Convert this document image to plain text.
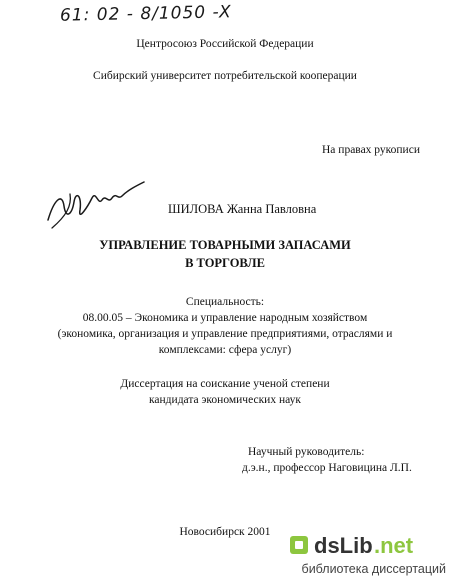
61: 02 - 8/1050 -X
Центросоюз Российской Федерации
Сибирский университет потребительской кооперации
На правах рукописи
ШИЛОВА Жанна Павловна
УПРАВЛЕНИЕ ТОВАРНЫМИ ЗАПАСАМИ
В ТОРГОВЛЕ
Специальность:
08.00.05 – Экономика и управление народным хозяйством
(экономика, организация и управление предприятиями, отраслями и
комплексами: сфера услуг)
Диссертация на соискание ученой степени
кандидата экономических наук
Научный руководитель:
д.э.н., профессор Наговицина Л.П.
Новосибирск 2001
dsLib .net
библиотека диссертаций
